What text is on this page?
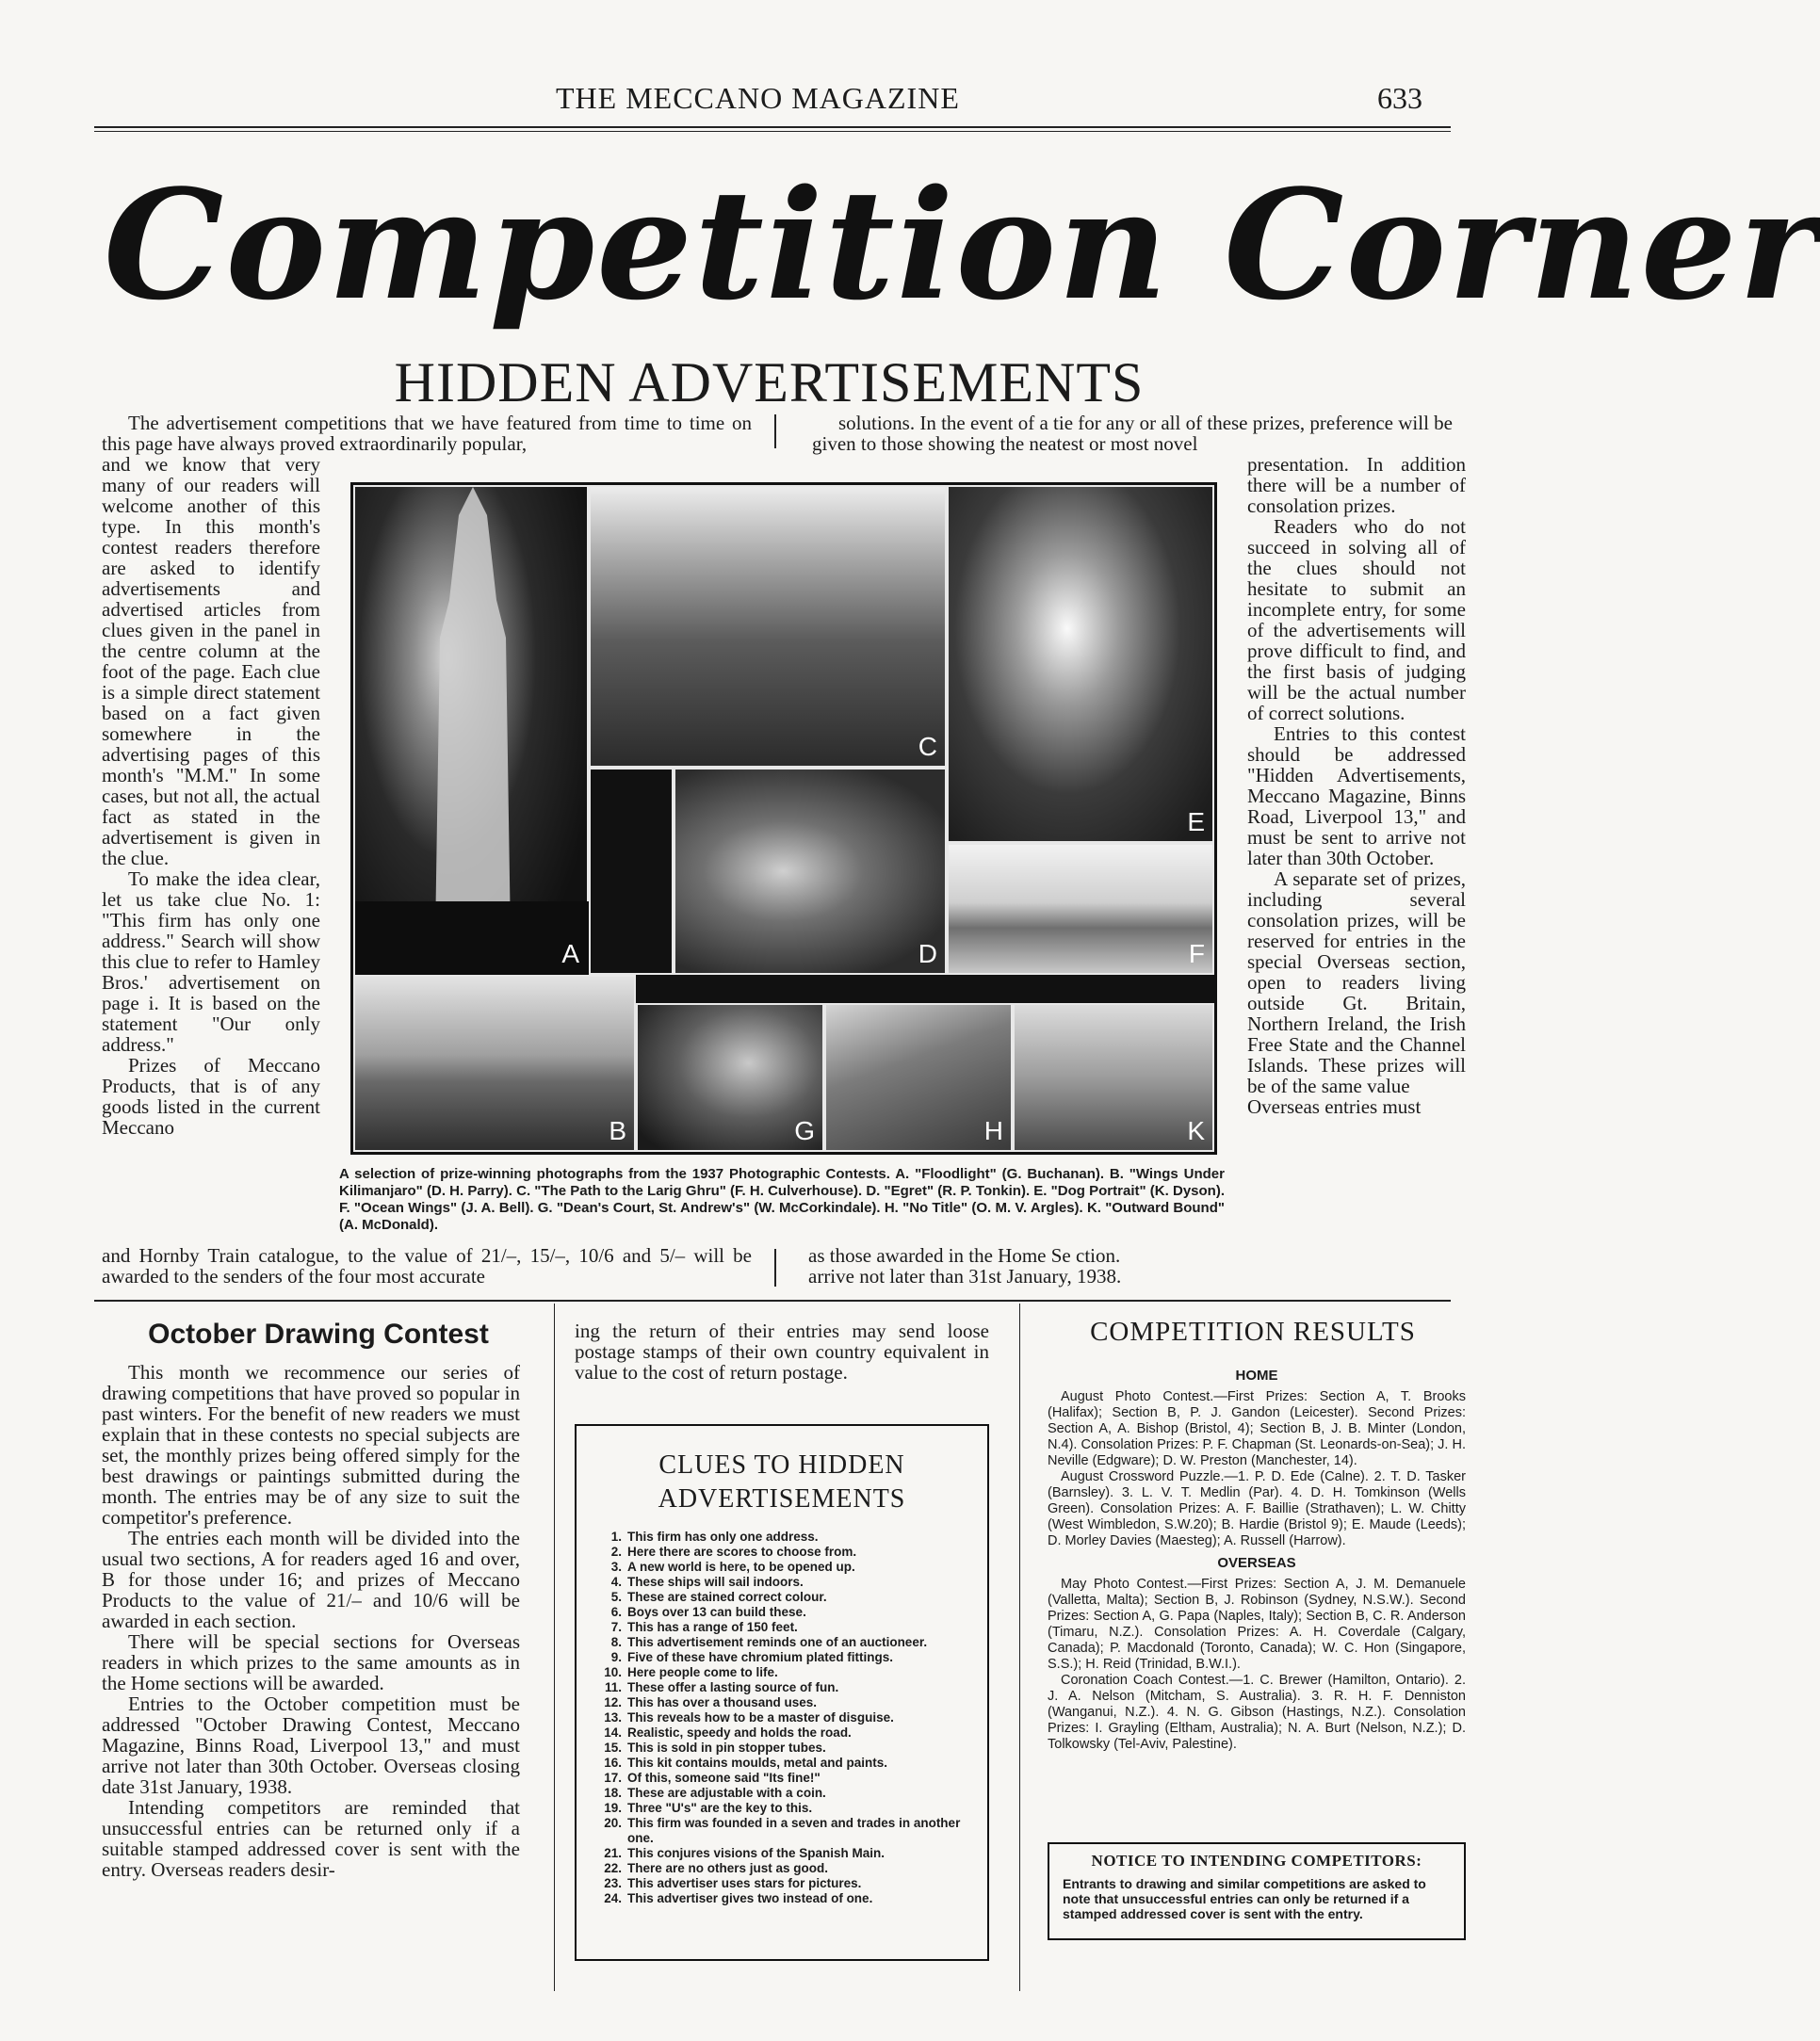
THE MECCANO MAGAZINE	633
Competition Corner
HIDDEN ADVERTISEMENTS

The advertisement competitions that we have featured from time to time on this page have always proved extraordinarily popular,

solutions. In the event of a tie for any or all of these prizes, preference will be given to those showing the neatest or most novel

and we know that very many of our readers will welcome another of this type. In this month's contest readers therefore are asked to identify advertisements and advertised articles from clues given in the panel in the centre column at the foot of the page. Each clue is a simple direct statement based on a fact given somewhere in the advertising pages of this month's "M.M." In some cases, but not all, the actual fact as stated in the advertisement is given in the clue.

To make the idea clear, let us take clue No. 1: "This firm has only one address." Search will show this clue to refer to Hamley Bros.' advertisement on page i. It is based on the statement "Our only address."

Prizes of Meccano Products, that is of any goods listed in the current Meccano

presentation. In addition there will be a number of consolation prizes.

Readers who do not succeed in solving all of the clues should not hesitate to submit an incomplete entry, for some of the advertisements will prove difficult to find, and the first basis of judging will be the actual number of correct solutions.

Entries to this contest should be addressed "Hidden Advertisements, Meccano Magazine, Binns Road, Liverpool 13," and must be sent to arrive not later than 30th October.

A separate set of prizes, including several consolation prizes, will be reserved for entries in the special Overseas section, open to readers living outside Gt. Britain, Northern Ireland, the Irish Free State and the Channel Islands. These prizes will be of the same value

Overseas entries must

A
C
E
D	F
B	G	H	K
A selection of prize-winning photographs from the 1937 Photographic Contests. A. "Floodlight" (G. Buchanan). B. "Wings Under Kilimanjaro" (D. H. Parry). C. "The Path to the Larig Ghru" (F. H. Culverhouse). D. "Egret" (R. P. Tonkin). E. "Dog Portrait" (K. Dyson). F. "Ocean Wings" (J. A. Bell). G. "Dean's Court, St. Andrew's" (W. McCorkindale). H. "No Title" (O. M. V. Argles). K. "Outward Bound" (A. McDonald).

and Hornby Train catalogue, to the value of 21/–, 15/–, 10/6 and 5/– will be awarded to the senders of the four most accurate

as those awarded in the Home Se ction.
arrive not later than 31st January, 1938.
October Drawing Contest

This month we recommence our series of drawing competitions that have proved so popular in past winters. For the benefit of new readers we must explain that in these contests no special subjects are set, the monthly prizes being offered simply for the best drawings or paintings submitted during the month. The entries may be of any size to suit the competitor's preference.

The entries each month will be divided into the usual two sections, A for readers aged 16 and over, B for those under 16; and prizes of Meccano Products to the value of 21/– and 10/6 will be awarded in each section.

There will be special sections for Overseas readers in which prizes to the same amounts as in the Home sections will be awarded.

Entries to the October competition must be addressed "October Drawing Contest, Meccano Magazine, Binns Road, Liverpool 13," and must arrive not later than 30th October. Overseas closing date 31st January, 1938.

Intending competitors are reminded that unsuccessful entries can be returned only if a suitable stamped addressed cover is sent with the entry. Overseas readers desir-

ing the return of their entries may send loose postage stamps of their own country equivalent in value to the cost of return postage.

CLUES TO HIDDEN
ADVERTISEMENTS
1. This firm has only one address.
2. Here there are scores to choose from.
3. A new world is here, to be opened up.
4. These ships will sail indoors.
5. These are stained correct colour.
6. Boys over 13 can build these.
7. This has a range of 150 feet.
8. This advertisement reminds one of an auctioneer.
9. Five of these have chromium plated fittings.
10. Here people come to life.
11. These offer a lasting source of fun.
12. This has over a thousand uses.
13. This reveals how to be a master of disguise.
14. Realistic, speedy and holds the road.
15. This is sold in pin stopper tubes.
16. This kit contains moulds, metal and paints.
17. Of this, someone said "Its fine!"
18. These are adjustable with a coin.
19. Three "U's" are the key to this.
20. This firm was founded in a seven and trades in another one.
21. This conjures visions of the Spanish Main.
22. There are no others just as good.
23. This advertiser uses stars for pictures.
24. This advertiser gives two instead of one.
COMPETITION RESULTS
HOME

August Photo Contest.—First Prizes: Section A, T. Brooks (Halifax); Section B, P. J. Gandon (Leicester). Second Prizes: Section A, A. Bishop (Bristol, 4); Section B, J. B. Minter (London, N.4). Consolation Prizes: P. F. Chapman (St. Leonards-on-Sea); J. H. Neville (Edgware); D. W. Preston (Manchester, 14).

August Crossword Puzzle.—1. P. D. Ede (Calne). 2. T. D. Tasker (Barnsley). 3. L. V. T. Medlin (Par). 4. D. H. Tomkinson (Wells Green). Consolation Prizes: A. F. Baillie (Strathaven); L. W. Chitty (West Wimbledon, S.W.20); B. Hardie (Bristol 9); E. Maude (Leeds); D. Morley Davies (Maesteg); A. Russell (Harrow).

OVERSEAS

May Photo Contest.—First Prizes: Section A, J. M. Demanuele (Valletta, Malta); Section B, J. Robinson (Sydney, N.S.W.). Second Prizes: Section A, G. Papa (Naples, Italy); Section B, C. R. Anderson (Timaru, N.Z.). Consolation Prizes: A. H. Coverdale (Calgary, Canada); P. Macdonald (Toronto, Canada); W. C. Hon (Singapore, S.S.); H. Reid (Trinidad, B.W.I.).

Coronation Coach Contest.—1. C. Brewer (Hamilton, Ontario). 2. J. A. Nelson (Mitcham, S. Australia). 3. R. H. F. Denniston (Wanganui, N.Z.). 4. N. G. Gibson (Hastings, N.Z.). Consolation Prizes: I. Grayling (Eltham, Australia); N. A. Burt (Nelson, N.Z.); D. Tolkowsky (Tel-Aviv, Palestine).

NOTICE TO INTENDING COMPETITORS:
Entrants to drawing and similar competitions are asked to note that unsuccessful entries can only be returned if a stamped addressed cover is sent with the entry.
